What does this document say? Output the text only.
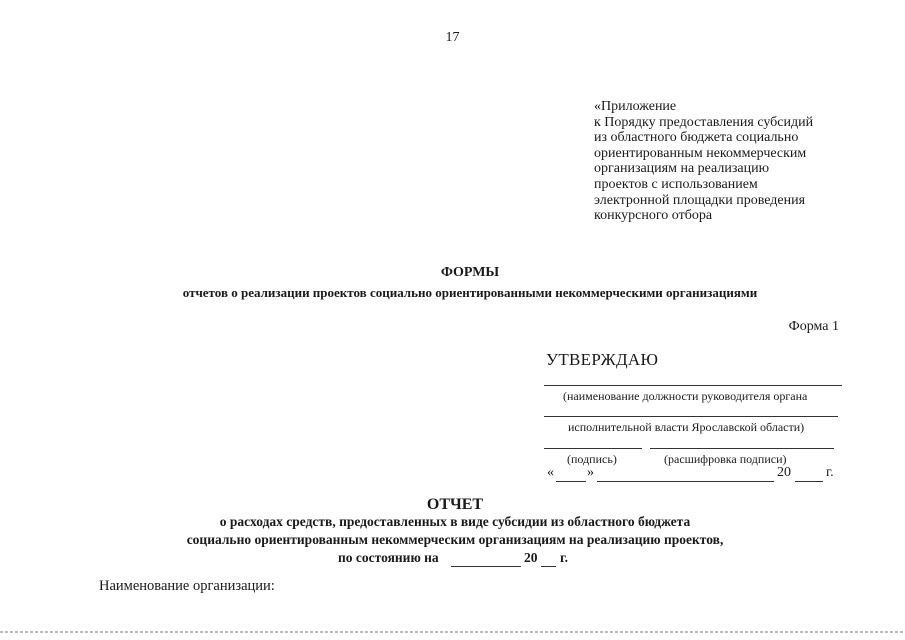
17
«Приложение
к Порядку предоставления субсидий
из областного бюджета социально
ориентированным некоммерческим
организациям на реализацию
проектов с использованием
электронной площадки проведения
конкурсного отбора
ФОРМЫ
отчетов о реализации проектов социально ориентированными некоммерческими организациями
Форма 1
УТВЕРЖДАЮ
(наименование должности руководителя органа
исполнительной власти Ярославской области)
(подпись)	(расшифровка подписи)
« »	20	г.
ОТЧЕТ
о расходах средств, предоставленных в виде субсидии из областного бюджета
социально ориентированным некоммерческим организациям на реализацию проектов,
по состоянию на	20 г.
Наименование организации:
